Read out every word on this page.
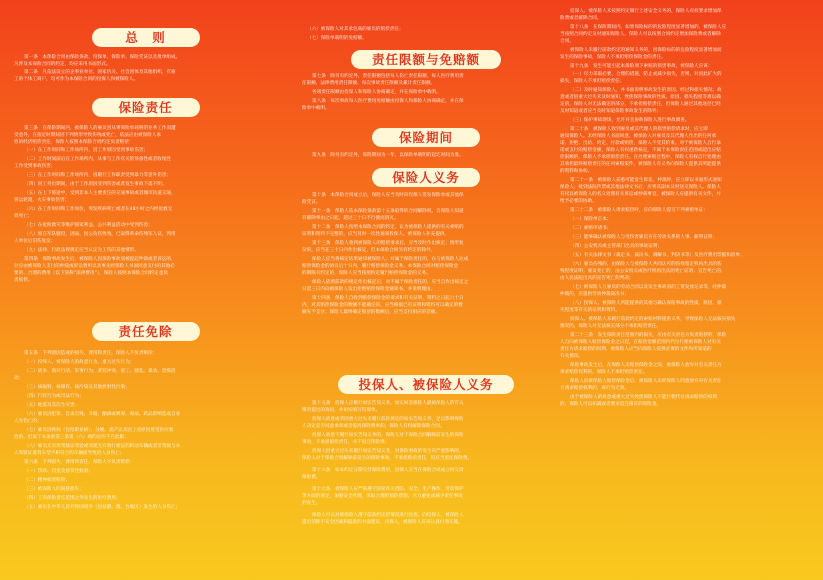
总　则
第一条　本保险合同由保险条款、投保单、保险单、保险凭证以及批单组成。
凡涉及本保险合同的约定，均应采用书面形式。
第二条　凡依法设立的企事业单位、国家机关、社会团体及其他组织，有雇
工的个体工商户，均可作为本保险合同的投保人和被保险人。
保险责任
第三条　在保险期间内，被保险人的雇员因从事保险单载明的业务工作而遭
受意外，在指定时期间因下列情形导致伤残或死亡，依法应由被保险人承
担的经济赔偿责任，保险人按照本保险合同约定负责赔偿：
（一）在工作时间和工作场所内，因工作原因受到事故伤害；
（二）工作时间前后在工作场所内，从事与工作有关的预备性或者收尾性
工作受到事故伤害；
（三）在工作时间和工作场所内，因履行工作职责受到暴力等意外伤害；
（四）因工外出期间，由于工作原因受到伤害或者发生事故下落不明；
（五）在上下班途中，受到非本人主要责任的交通事故或者城市轨道交通、
客运轮渡、火车事故伤害；
（六）在工作时间和工作岗位，突发疾病死亡或者在48小时之内经抢救无
效死亡；
（七）在抢险救灾等维护国家利益、公共利益活动中受到伤害；
（八）原在军队服役，因战、因公负伤致残，已取得革命伤残军人证，到用
人单位后旧伤复发；
（九）法律、行政法规规定应当认定为工伤的其他情形。
第四条　保险事故发生后，被保险人因保险事故而被提起仲裁或者诉讼的，
对应由被保险人支付的仲裁或诉讼费用以及事先经保险人书面同意支付的其他必
要的、合理的费用（以下简称“法律费用”），保险人按照本保险合同约定也负
责赔偿。
责任免除
第五条　下列原因造成的损失、费用和责任，保险人不负责赔偿：
（一）投保人、被保险人的故意行为、重大过失行为；
（二）战争、敌对行动、军事行为、武装冲突、罢工、骚乱、暴动、恐怖活
动；
（三）核辐射、核爆炸、核污染及其他放射性污染；
（四）行政行为或司法行为；
（五）地震及其次生灾害；
（六）雇员因犯罪、自杀自残、斗殴、酗酒或吸毒、毒品、药品影响造成自身
人身伤亡的；
（七）雇员因疾病（包括职业病）、分娩、流产以及因上述原因接受医疗救
治的，但属于本条款第三条第（六）项约定的不在此限；
（八）雇员无有效驾驶证驾驶或驾驶无有效行驶证的机动车辆或者非驾驶与本
人驾驶证准驾车型不相符合的车辆而导致的人身伤亡；
第六条　下列损失、费用和责任，保险人不负责赔偿：
（一）罚款、罚金及惩罚性赔款；
（二）精神损害赔偿；
（三）被保险人的间接损失；
（四）工伤保险责任范围之外发生的医疗费用；
（五）雇员在中华人民共和国境外（包括港、澳、台地区）发生的人身伤亡；
（六）被保险人对其承包商的雇员的赔偿责任；
（七）保险单载明的免赔额。
责任限额与免赔额
第七条　除另有约定外，责任限额包括每人伤亡责任限额、每人医疗费用责
任限额、法律费用责任限额、每次事故责任限额及累计责任限额。
各项责任限额由投保人和保险人协商确定，并在保险单中载明。
第八条　每次事故每人医疗费用免赔额由投保人和保险人协商确定，并在保
险单中载明。
保险期间
第九条　除另有约定外，保险期间为一年，以保险单载明的起讫时间为准。
保险人义务
第十条　本保险合同成立后，保险人应当及时向投保人签发保险单或其他保
险凭证。
第十一条　保险人依本保险条款第十五条取得的合同解除权，自保险人知道
有解除事由之日起，超过三十日不行使而消灭。
第十二条　保险人按照本保险合同的约定，认为被保险人提供的有关索赔的
证明和资料不完整的，应当及时一次性通知投保人、被保险人补充提供。
第十三条　保险人收到被保险人的赔偿请求后，应当及时作出核定；情形复
杂的，应当在三十日内作出核定，但本保险合同另有约定的除外。
保险人应当将核定结果通知被保险人；对属于保险责任的，在与被保险人达成
赔偿保险金的协议后十日内，履行赔偿保险金义务。本保险合同对赔偿保险金
的期限有约定的，保险人应当按照约定履行赔偿保险金的义务。
保险人依照前款的规定作出核定后，对不属于保险责任的，应当自作出核定之
日起三日内向被保险人发出拒绝赔偿保险金通知书，并说明理由。
第十四条　保险人自收到赔偿保险金的请求和有关证明、资料之日起六十日
内，对其赔偿保险金的数额不能确定的，应当根据已有证明和资料可以确定的数
额先予支付；保险人最终确定赔偿的数额后，应当支付相应的差额。
投保人、被保险人义务
第十五条　投保人应履行如实告知义务，如实回答保险人就被保险人的有关
情况提出的询问，并如实填写投保单。
投保人故意或者因重大过失未履行前款规定的如实告知义务，足以影响保险
人决定是否同意承保或者提高保险费率的，保险人有权解除保险合同。
投保人故意不履行如实告知义务的，保险人对于保险合同解除前发生的保险
事故，不承担赔偿责任，并不退还保险费。
投保人因重大过失未履行如实告知义务，对保险事故的发生有严重影响的，
保险人对于保险合同解除前发生的保险事故，不承担赔偿责任，但应当退还保险费。
第十六条　如本约定分期交付保险费的，投保人应当在保险合同成立时交清
保险费。
第十七条　被保险人应严格遵守国家有关消防、安全、生产操作、劳动保护
等方面的规定，加强安全管理，采取合理的预防措施，尽力避免或减少责任事故
的发生。
保险人可以对被保险人遵守前款约定的情况进行检查，向投保人、被保险人
提出消除不安全因素和隐患的书面建议，投保人、被保险人应该认真付诸实施。
投保人、被保险人未按照约定履行上述安全义务的，保险人有权要求增加保
险费或者解除合同。
第十八条　在保险期间内，如果保险标的的危险程度显著增加的，被保险人应
当按照合同约定及时通知保险人，保险人可以按照合同约定增加保险费或者解除
合同。
被保险人未履行前款约定的通知义务的，因保险标的的危险程度显著增加而
发生的保险事故，保险人不承担赔偿保险金的责任。
第十九条　发生可能引起本保险项下索赔的损害事故，被保险人应该：
（一）尽力采取必要、合理的措施，防止或减少损失，否则，对因此扩大的
损失，保险人不承担赔偿责任；
（二）及时通知保险人，并书面说明事故发生的原因、经过和损失情况；故
意或者因重大过失未及时通知，致使保险事故的性质、原因、损失程度等难以确
定的，保险人对无法确定的部分，不承担赔偿责任，但保险人通过其他途径已经
及时知道或者应当及时知道保险事故发生的除外；
（三）保护事故现场，允许并且协助保险人进行事故调查。
第二十条　被保险人收到雇员或其代理人的损害赔偿请求时，应立即
通知保险人。未经保险人书面同意，被保险人对雇员及其代理人作出的任何承
诺、拒绝、出价、约定、付款或赔偿，保险人不受其约束。对于被保险人自行承
诺或支付的赔偿金额，保险人有权重新核定，不属于本保险责任范围或超出应赔
偿限额的，保险人不承担赔偿责任。在处理索赔过程中，保险人有权自行处理由
其承担最终赔偿责任的任何索赔案件，被保险人有义务向保险人提供其所能提供
的资料和协助。
第二十一条　被保险人获悉可能发生诉讼、仲裁时，应立即以书面形式通知
保险人；接到法院传票或其他法律文书后，应将其副本及时送交保险人。保险人
有权以被保险人的名义处理有关诉讼或仲裁事宜，被保险人应提供有关文件，并
给予必要的协助。
第二十二条　被保险人请求赔偿时，应向保险人提交下列索赔单证：
（一）保险单正本；
（二）索赔申请书；
（三）能够确认被保险人与受伤害雇员存在劳动关系的人事、薪资证明；
（四）公安机关或主管部门出具的事故证明；
（五）有关法律文书（裁定书、裁决书、调解书、判决书等）及医疗费用票据和清单；
（六）雇员伤残的，由保险人与被保险人共同认可的伤残鉴定机构出具的伤
残程度证明；雇员死亡的，由公安机关或医疗机构出具的死亡证明；宣告死亡的，
由人民法院出具的宣告死亡的判决；
（七）被保险人与雇员的劳动合同以及发生事故前的工资发放记录等，经仲裁
仲裁的，应提供劳动仲裁裁决书；
（八）投保人、被保险人所能提供的其他与确认保险事故的性质、原因、损
失程度等有关的证明和资料。
投保人、被保险人未履行前款约定的索赔材料提供义务，导致保险人无法核实损失
情况的，保险人对无法核实部分不承担赔偿责任。
第二十三条　发生保险责任范围内的损失，应由有关责任方负责赔偿的，保险
人自向被保险人赔偿保险金之日起，在赔偿金额范围内代位行使被保险人对有关
责任方请求赔偿的权利，被保险人应当向保险人提供必要的文件和所知道的
有关情况。
保险事故发生后，在保险人未赔偿保险金之前，被保险人放弃对有关责任方
请求赔偿权利的，保险人不承担赔偿责任。
保险人向被保险人赔偿保险金后，被保险人未经保险人同意放弃对有关责任
方请求赔偿权利的，该行为无效。
由于被保险人的故意或重大过失致使保险人不能行使代位请求赔偿的权利
的，保险人可以扣减或者要求返还相应的保险金。
